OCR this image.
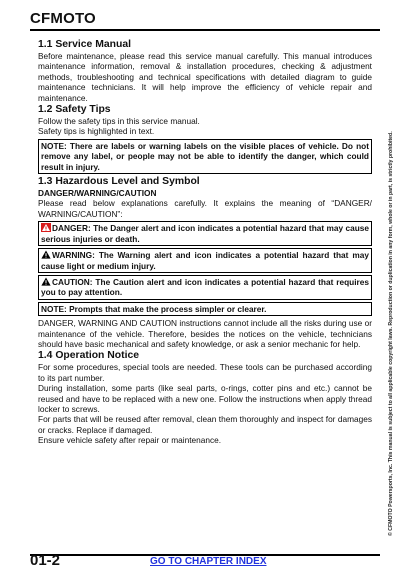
CFMOTO
1.1 Service Manual
Before maintenance, please read this service manual carefully. This manual introduces maintenance information, removal & installation procedures, checking & adjustment methods, troubleshooting and technical specifications with detailed diagram to guide maintenance technicians. It will help improve the efficiency of vehicle repair and maintenance.
1.2 Safety Tips
Follow the safety tips in this service manual.
Safety tips is highlighted in text.
NOTE: There are labels or warning labels on the visible places of vehicle. Do not remove any label, or people may not be able to identify the danger, which could result in injury.
1.3 Hazardous Level and Symbol
DANGER/WARNING/CAUTION
Please read below explanations carefully. It explains the meaning of “DANGER/ WARNING/CAUTION”:
DANGER: The Danger alert and icon indicates a potential hazard that may cause serious injuries or death.
WARNING: The Warning alert and icon indicates a potential hazard that may cause light or medium injury.
CAUTION: The Caution alert and icon indicates a potential hazard that requires you to pay attention.
NOTE: Prompts that make the process simpler or clearer.
DANGER, WARNING AND CAUTION instructions cannot include all the risks during use or maintenance of the vehicle. Therefore, besides the notices on the vehicle, technicians should have basic mechanical and safety knowledge, or ask a senior mechanic for help.
1.4 Operation Notice
For some procedures, special tools are needed. These tools can be purchased according to its part number.
During installation, some parts (like seal parts, o-rings, cotter pins and etc.) cannot be reused and have to be replaced with a new one. Follow the instructions when apply thread locker to screws.
For parts that will be reused after removal, clean them thoroughly and inspect for damages or cracks. Replace if damaged.
Ensure vehicle safety after repair or maintenance.	© CFMOTO Powersports, Inc. This manual is subject to all applicable copyright laws. Reproduction or duplication in any form, whole or in part, is strictly prohibited.
01-2	GO TO CHAPTER INDEX
